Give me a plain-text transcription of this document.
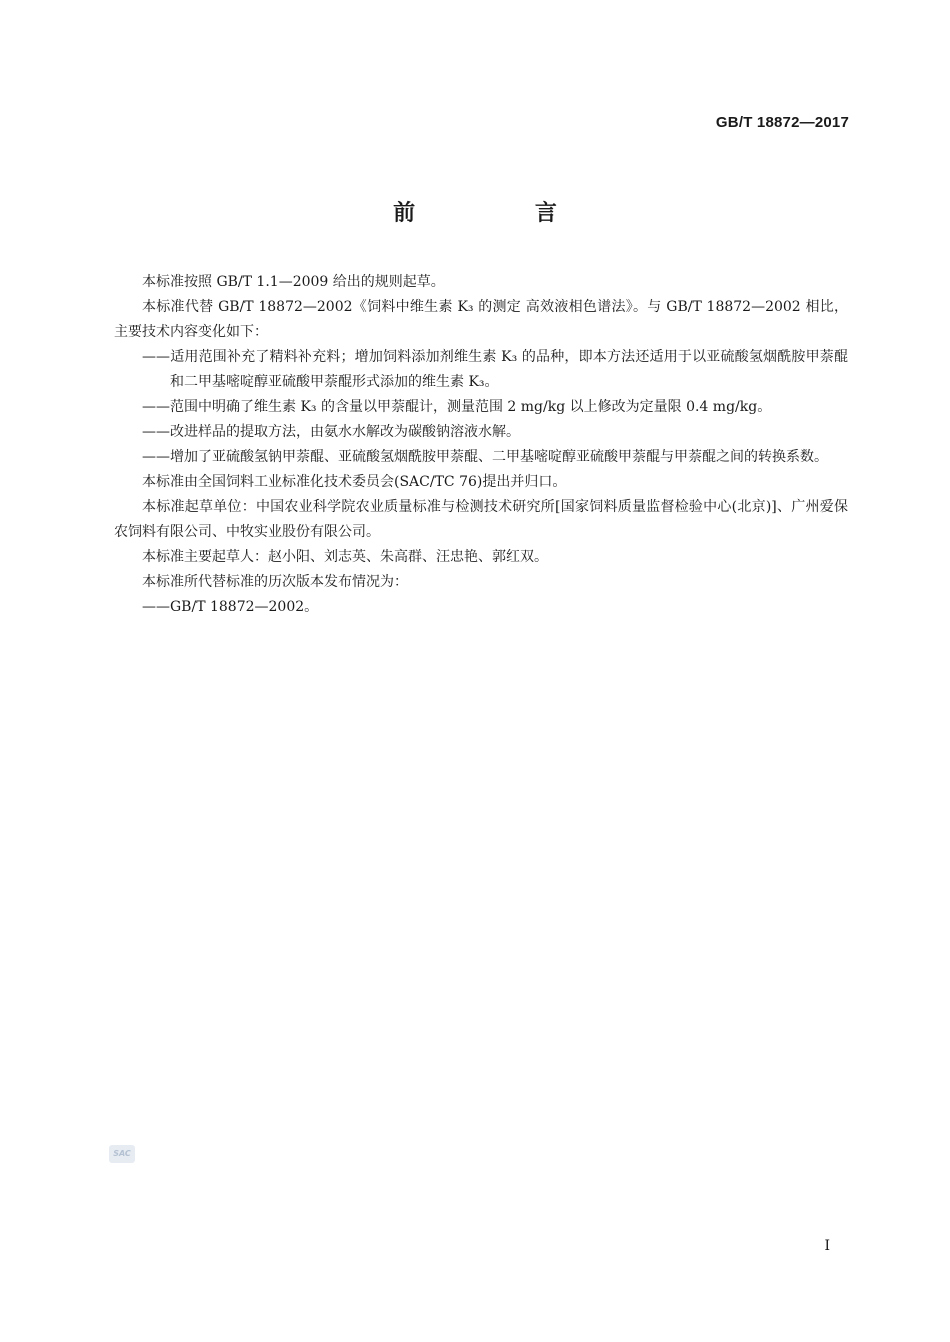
GB/T 18872—2017
前 言

本标准按照 GB/T 1.1—2009 给出的规则起草。

本标准代替 GB/T 18872—2002《饲料中维生素 K₃ 的测定 高效液相色谱法》。与 GB/T 18872—2002 相比，主要技术内容变化如下：

——适用范围补充了精料补充料；增加饲料添加剂维生素 K₃ 的品种，即本方法还适用于以亚硫酸氢烟酰胺甲萘醌和二甲基嘧啶醇亚硫酸甲萘醌形式添加的维生素 K₃。

——范围中明确了维生素 K₃ 的含量以甲萘醌计，测量范围 2 mg/kg 以上修改为定量限 0.4 mg/kg。

——改进样品的提取方法，由氨水水解改为碳酸钠溶液水解。

——增加了亚硫酸氢钠甲萘醌、亚硫酸氢烟酰胺甲萘醌、二甲基嘧啶醇亚硫酸甲萘醌与甲萘醌之间的转换系数。

本标准由全国饲料工业标准化技术委员会(SAC/TC 76)提出并归口。

本标准起草单位：中国农业科学院农业质量标准与检测技术研究所[国家饲料质量监督检验中心(北京)]、广州爱保农饲料有限公司、中牧实业股份有限公司。

本标准主要起草人：赵小阳、刘志英、朱高群、汪忠艳、郭红双。

本标准所代替标准的历次版本发布情况为：

——GB/T 18872—2002。

SAC
I
